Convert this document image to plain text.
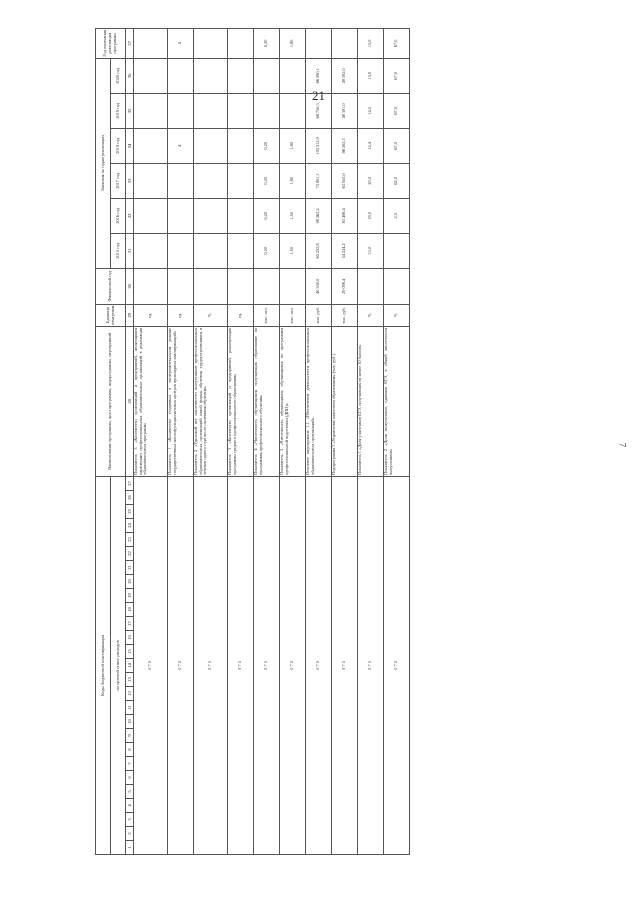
21
7
Коды бюджетной классификации																											Наименование программы, цели программы, подпрограммы, мероприятий	Единица измерения	Финансовый год	Значения по годам реализации						Год окончания реализации программы
по целевой статье расходов																														2015 год	2016 год	2017 год	2018 год	2019 год	2020 год	
1	2	3	4	5	6	7	8	9	10	11	12	13	14	15	16	17	18	19	20	21	22	23	24	25	26	27	28	29	30	31	32	33	34	35	36	37
0 7 5																											Показатель 3 «Количество организаций и предприятий, являющихся партнерами профессиональных образовательных организаций в реализации образовательных программ»	ед.								
0 7 5																											Показатель 1 «Количество созданных в экспериментальном режиме государственных многофункциональных центров прикладных квалификаций»	ед.					4			4
0 7 5																											Показатель 2 «Удельный вес численности выпускников профессиональных образовательных организаций очной формы обучения, трудоустроившихся в течение одного года после окончания обучения»	%								
0 7 5																											Показатель 3 «Количество организаций и предприятий, реализующих программы среднего профессионального образования»	ед.								
0 7 5																											Показатель 4 «Численность обучающихся, получающих образование по программам профессионального обучения»	тыс. чел.		0,20	0,20	0,20	0,20			0,20
0 7 5																											Показатель 5 «Численность обучающихся, обучающихся по программам профессиональной подготовки (ДПО)»	тыс. чел.		1,50	1,50	1,80	1,80			1,80
0 7 5																											Основное мероприятие 1.1 «Обеспечение деятельности профессиональных образовательных организаций»	тыс. руб.	40 530,0	65 255,8	98 263,2	73 801,1	103 512,0	68 750,3	66 590,1	
0 7 5																											Подпрограмма 3 «Управление качеством образования» (тыс. руб.)	тыс. руб.	29 098,4	54 224,2	83 406,4	63 055,0	86 502,3	49 391,0	49 392,0	
0 7 5																											Показатель 1 «Доля участников ЕГЭ, получивших не менее 30 баллов»	%		13,0	18,0	20,0	12,4	14,5	15,0	15,0
0 7 5																											Показатель 2 «Доля выпускников, сдавших ЕГЭ, в общей численности выпускников»	%			2,5	62,0	67,0	67,0	67,0	67,0
